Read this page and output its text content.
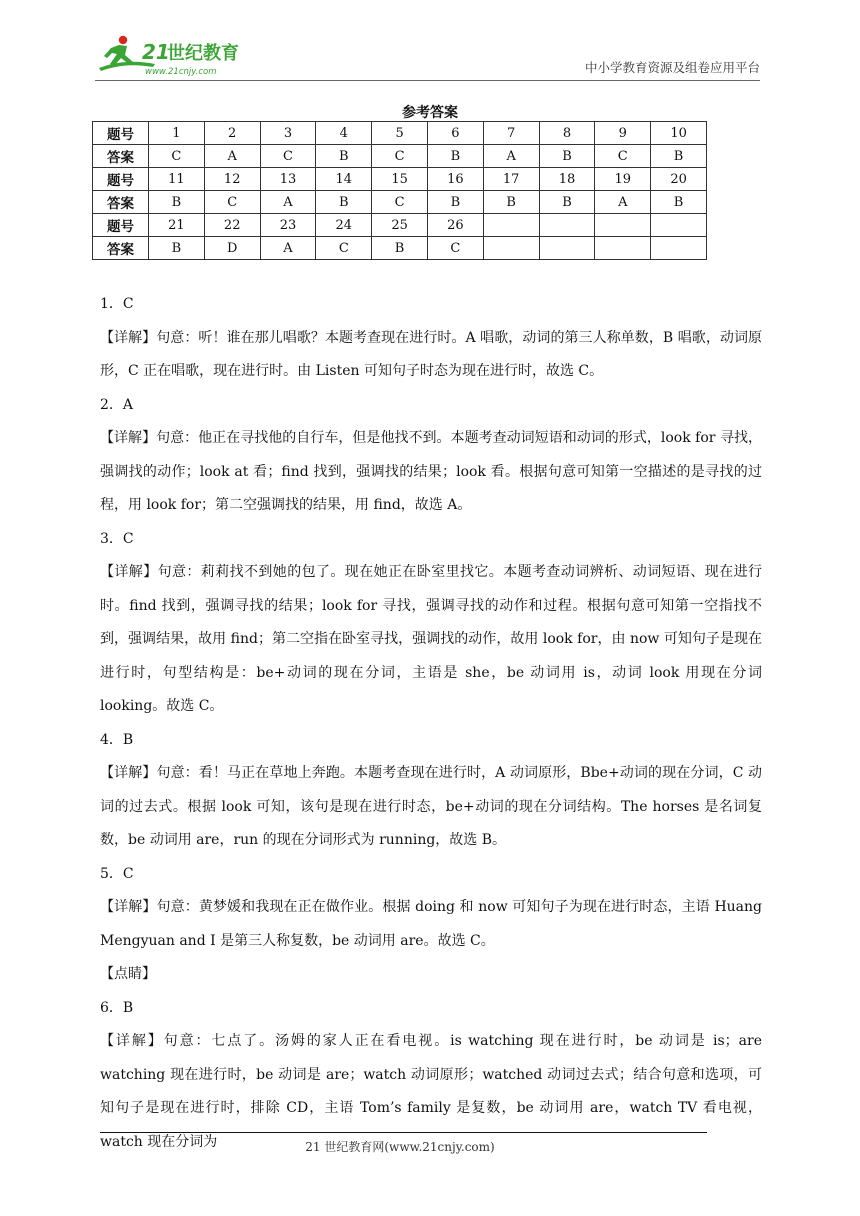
21
世纪教育
www.21cnjy.com	中小学教育资源及组卷应用平台
参考答案
题号	1	2	3	4	5	6	7	8	9	10
答案	C	A	C	B	C	B	A	B	C	B
题号	11	12	13	14	15	16	17	18	19	20
答案	B	C	A	B	C	B	B	B	A	B
题号	21	22	23	24	25	26				
答案	B	D	A	C	B	C				

1．C

【详解】句意：听！谁在那儿唱歌？本题考查现在进行时。A 唱歌，动词的第三人称单数，B 唱歌，动词原形，C 正在唱歌，现在进行时。由 Listen 可知句子时态为现在进行时，故选 C。

2．A

【详解】句意：他正在寻找他的自行车，但是他找不到。本题考查动词短语和动词的形式，look for 寻找，强调找的动作；look at 看；find 找到，强调找的结果；look 看。根据句意可知第一空描述的是寻找的过程，用 look for；第二空强调找的结果，用 find，故选 A。

3．C

【详解】句意：莉莉找不到她的包了。现在她正在卧室里找它。本题考查动词辨析、动词短语、现在进行时。find 找到，强调寻找的结果；look for 寻找，强调寻找的动作和过程。根据句意可知第一空指找不到，强调结果，故用 find；第二空指在卧室寻找，强调找的动作，故用 look for，由 now 可知句子是现在进行时，句型结构是：be+动词的现在分词，主语是 she，be 动词用 is，动词 look 用现在分词 looking。故选 C。

4．B

【详解】句意：看！马正在草地上奔跑。本题考查现在进行时，A 动词原形，Bbe+动词的现在分词，C 动词的过去式。根据 look 可知，该句是现在进行时态，be+动词的现在分词结构。The horses 是名词复数，be 动词用 are，run 的现在分词形式为 running，故选 B。

5．C

【详解】句意：黄梦媛和我现在正在做作业。根据 doing 和 now 可知句子为现在进行时态，主语 Huang Mengyuan and I 是第三人称复数，be 动词用 are。故选 C。

【点睛】

6．B

【详解】句意：七点了。汤姆的家人正在看电视。is watching 现在进行时，be 动词是 is；are watching 现在进行时，be 动词是 are；watch 动词原形；watched 动词过去式；结合句意和选项，可知句子是现在进行时，排除 CD，主语 Tom’s family 是复数，be 动词用 are，watch TV 看电视，watch 现在分词为	21 世纪教育网(www.21cnjy.com)
